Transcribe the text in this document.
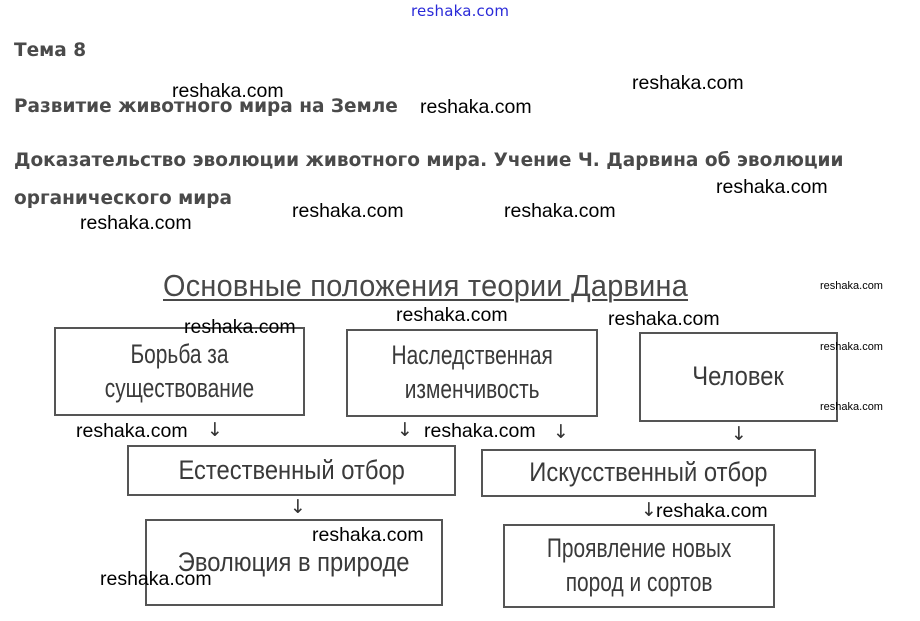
reshaka.com
Тема 8
Развитие животного мира на Земле
Доказательство эволюции животного мира. Учение Ч. Дарвина об эволюции
органического мира
reshaka.com	reshaka.com
reshaka.com
reshaka.com
reshaka.com	reshaka.com
reshaka.com
Основные положения теории Дарвина
Борьба за
существование
Наследственная
изменчивость	Человек
↓	↓	↓	↓
Естественный отбор	Искусственный отбор
↓	↓
Эволюция в природе	Проявление новых
пород и сортов
reshaka.com
reshaka.com	reshaka.com
reshaka.com	reshaka.com
reshaka.com
reshaka.com
reshaka.com
reshaka.com
reshaka.com
reshaka.com
